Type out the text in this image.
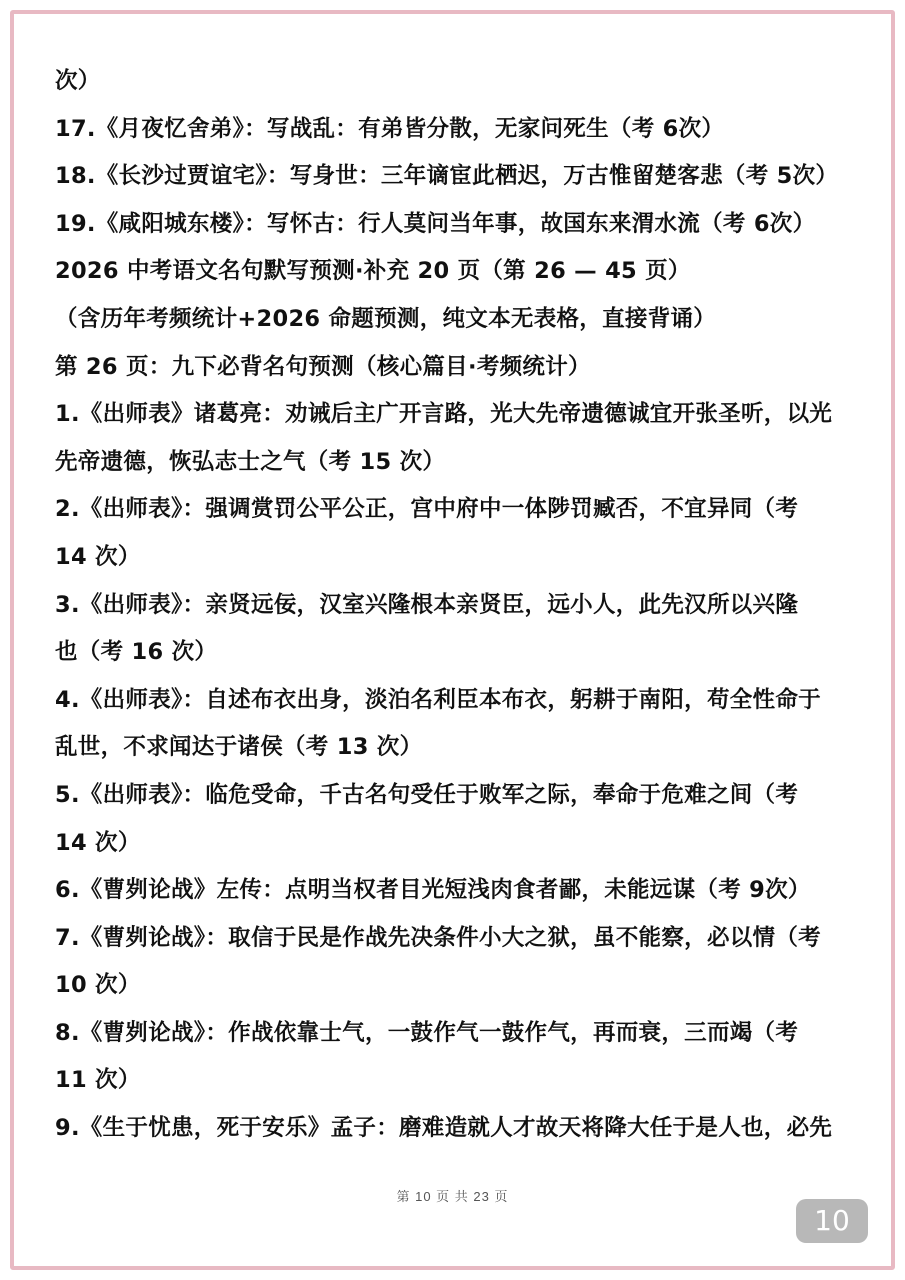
次）
17.《月夜忆舍弟》：写战乱：有弟皆分散，无家问死生（考 6次）
18.《长沙过贾谊宅》：写身世：三年谪宦此栖迟，万古惟留楚客悲（考 5次）
19.《咸阳城东楼》：写怀古：行人莫问当年事，故国东来渭水流（考 6次）
2026 中考语文名句默写预测·补充 20 页（第 26 — 45 页）
（含历年考频统计+2026 命题预测，纯文本无表格，直接背诵）
第 26 页：九下必背名句预测（核心篇目·考频统计）
1.《出师表》诸葛亮：劝诫后主广开言路，光大先帝遗德诚宜开张圣听，以光
先帝遗德，恢弘志士之气（考 15 次）
2.《出师表》：强调赏罚公平公正，宫中府中一体陟罚臧否，不宜异同（考
14 次）
3.《出师表》：亲贤远佞，汉室兴隆根本亲贤臣，远小人，此先汉所以兴隆
也（考 16 次）
4.《出师表》：自述布衣出身，淡泊名利臣本布衣，躬耕于南阳，苟全性命于
乱世，不求闻达于诸侯（考 13 次）
5.《出师表》：临危受命，千古名句受任于败军之际，奉命于危难之间（考
14 次）
6.《曹刿论战》左传：点明当权者目光短浅肉食者鄙，未能远谋（考 9次）
7.《曹刿论战》：取信于民是作战先决条件小大之狱，虽不能察，必以情（考
10 次）
8.《曹刿论战》：作战依靠士气，一鼓作气一鼓作气，再而衰，三而竭（考
11 次）
9.《生于忧患，死于安乐》孟子：磨难造就人才故天将降大任于是人也，必先
第 10 页 共 23 页
10
